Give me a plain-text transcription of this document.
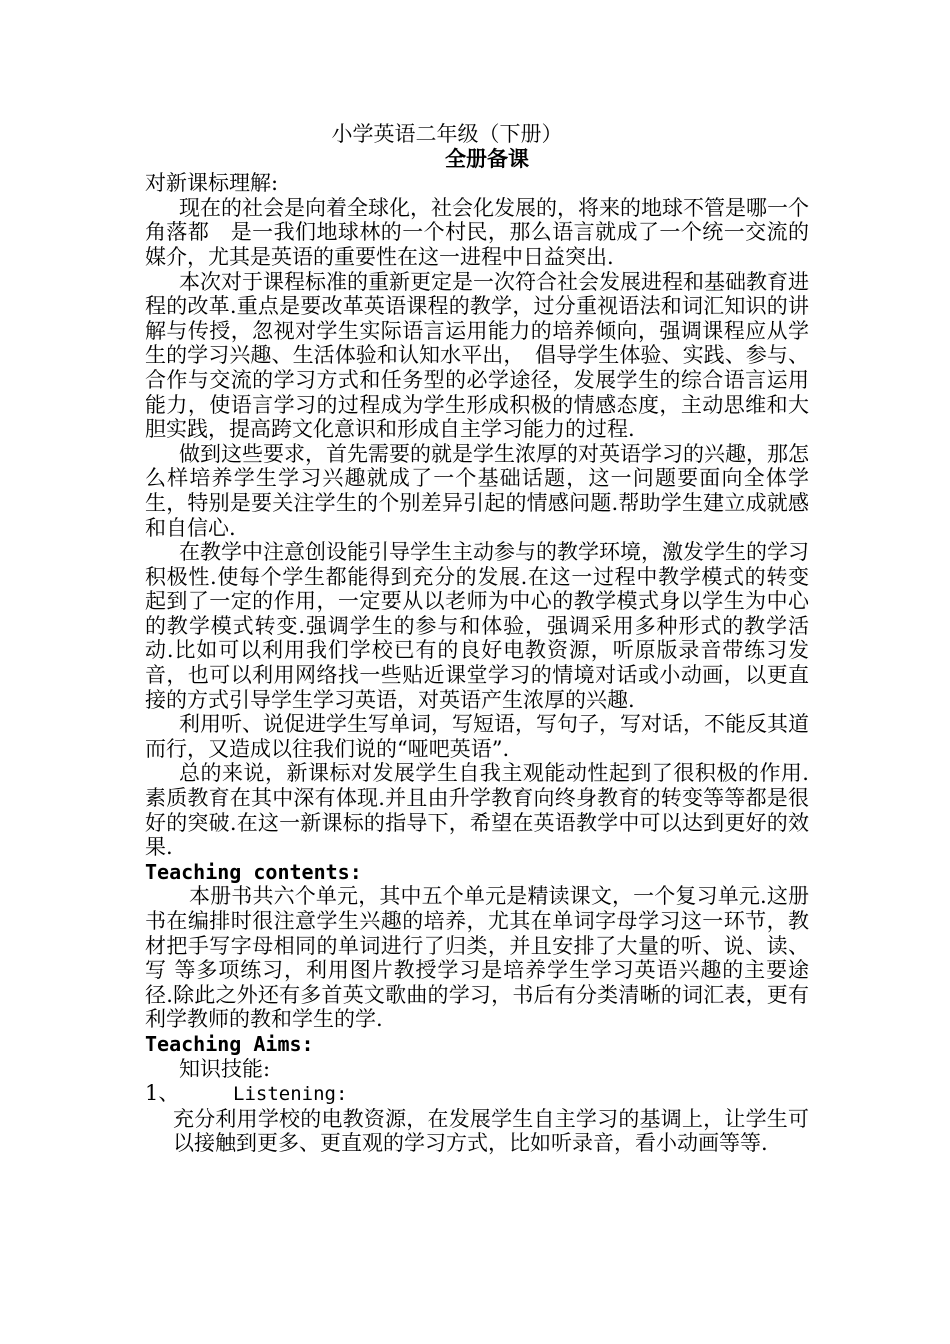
小学英语二年级（下册）
全册备课
对新课标理解:
现在的社会是向着全球化，社会化发展的，将来的地球不管是哪一个角落都　是一我们地球林的一个村民，那么语言就成了一个统一交流的媒介，尤其是英语的重要性在这一进程中日益突出.
本次对于课程标准的重新更定是一次符合社会发展进程和基础教育进程的改革.重点是要改革英语课程的教学，过分重视语法和词汇知识的讲解与传授，忽视对学生实际语言运用能力的培养倾向，强调课程应从学生的学习兴趣、生活体验和认知水平出，　倡导学生体验、实践、参与、合作与交流的学习方式和任务型的必学途径，发展学生的综合语言运用能力，使语言学习的过程成为学生形成积极的情感态度，主动思维和大胆实践，提高跨文化意识和形成自主学习能力的过程.
做到这些要求，首先需要的就是学生浓厚的对英语学习的兴趣，那怎么样培养学生学习兴趣就成了一个基础话题，这一问题要面向全体学生，特别是要关注学生的个别差异引起的情感问题.帮助学生建立成就感和自信心.
在教学中注意创设能引导学生主动参与的教学环境，激发学生的学习积极性.使每个学生都能得到充分的发展.在这一过程中教学模式的转变起到了一定的作用，一定要从以老师为中心的教学模式身以学生为中心的教学模式转变.强调学生的参与和体验，强调采用多种形式的教学活动.比如可以利用我们学校已有的良好电教资源，听原版录音带练习发音，也可以利用网络找一些贴近课堂学习的情境对话或小动画，以更直接的方式引导学生学习英语，对英语产生浓厚的兴趣.
利用听、说促进学生写单词，写短语，写句子，写对话，不能反其道而行，又造成以往我们说的“哑吧英语”.
总的来说，新课标对发展学生自我主观能动性起到了很积极的作用.素质教育在其中深有体现.并且由升学教育向终身教育的转变等等都是很好的突破.在这一新课标的指导下，希望在英语教学中可以达到更好的效果.
Teaching contents:
本册书共六个单元，其中五个单元是精读课文，一个复习单元.这册书在编排时很注意学生兴趣的培养，尤其在单词字母学习这一环节，教材把手写字母相同的单词进行了归类，并且安排了大量的听、说、读、写 等多项练习，利用图片教授学习是培养学生学习英语兴趣的主要途径.除此之外还有多首英文歌曲的学习，书后有分类清晰的词汇表，更有利学教师的教和学生的学.
Teaching Aims:
知识技能:
1、	Listening:
充分利用学校的电教资源，在发展学生自主学习的基调上，让学生可以接触到更多、更直观的学习方式，比如听录音，看小动画等等.
